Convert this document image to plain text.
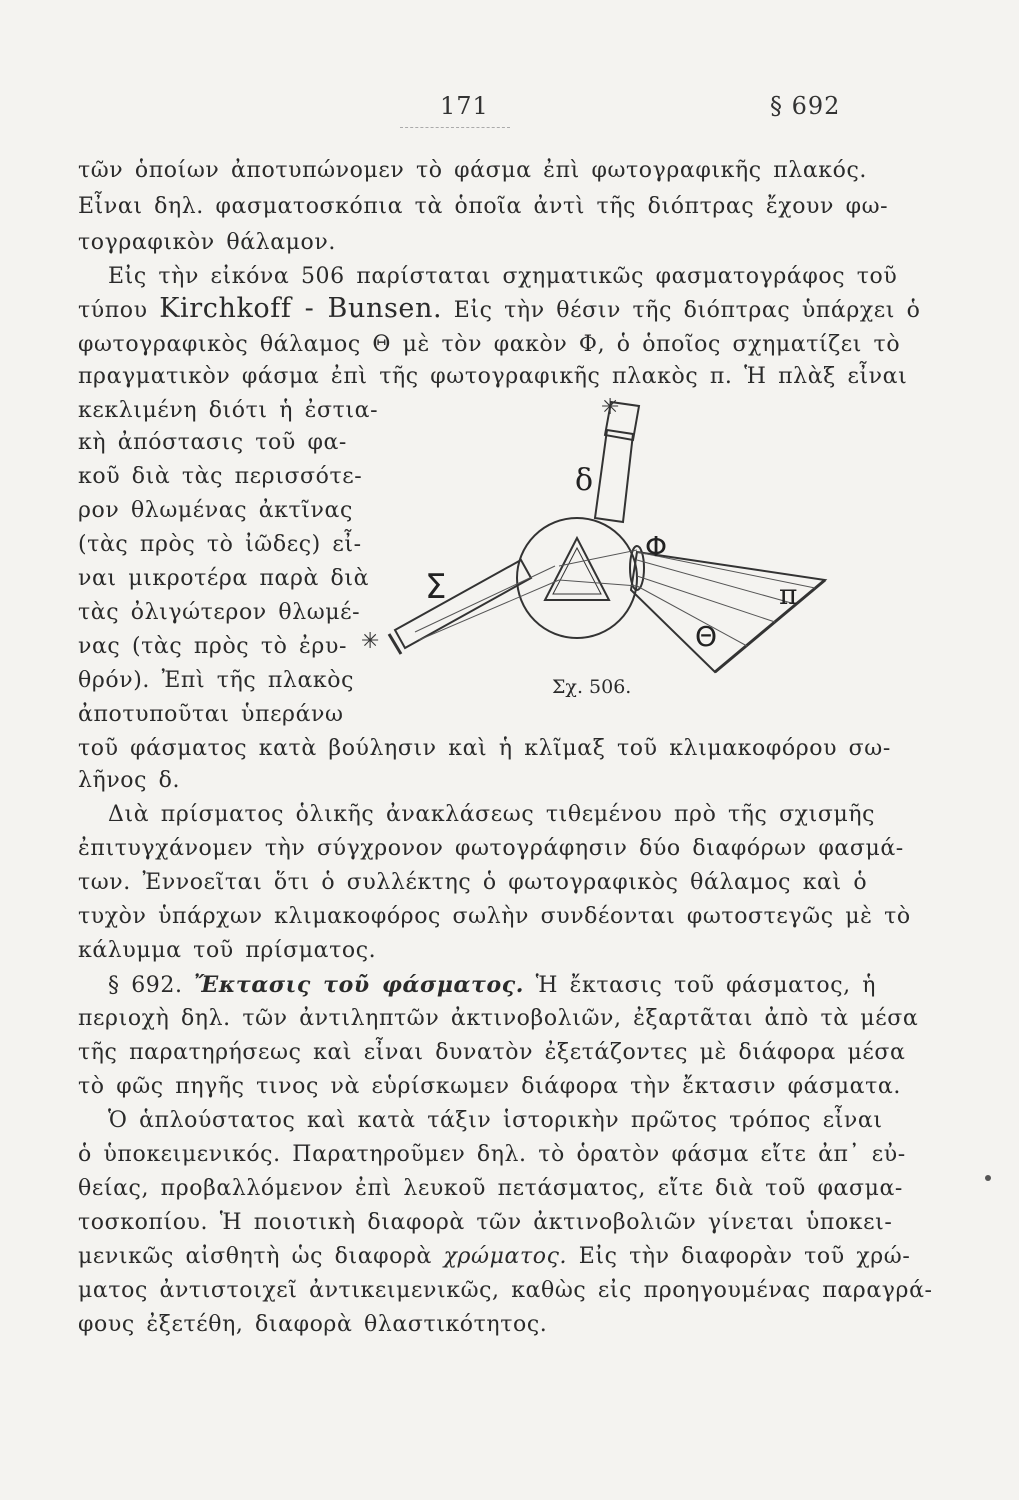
171	§ 692
τῶν ὁποίων ἀποτυπώνομεν τὸ φάσμα ἐπὶ φωτογραφικῆς πλακός.
Εἶναι δηλ. φασματοσκόπια τὰ ὁποῖα ἀντὶ τῆς διόπτρας ἔχουν φω-
τογραφικὸν θάλαμον.
Εἰς τὴν εἰκόνα 506 παρίσταται σχηματικῶς φασματογράφος τοῦ
τύπου Kirchkoff - Bunsen. Εἰς τὴν θέσιν τῆς διόπτρας ὑπάρχει ὁ
φωτογραφικὸς θάλαμος Θ μὲ τὸν φακὸν Φ, ὁ ὁποῖος σχηματίζει τὸ
πραγματικὸν φάσμα ἐπὶ τῆς φωτογραφικῆς πλακὸς π. Ἡ πλὰξ εἶναι
κεκλιμένη διότι ἡ ἐστια-
κὴ ἀπόστασις τοῦ φα-
κοῦ διὰ τὰς περισσότε-
ρον θλωμένας ἀκτῖνας
(τὰς πρὸς τὸ ἰῶδες) εἶ-
ναι μικροτέρα παρὰ διὰ
τὰς ὀλιγώτερον θλωμέ-
νας (τὰς πρὸς τὸ ἐρυ-
θρόν). Ἐπὶ τῆς πλακὸς
ἀποτυποῦται ὑπεράνω
✳
✳
Σ
δ
Φ
Θ
π
Σχ. 506.
τοῦ φάσματος κατὰ βούλησιν καὶ ἡ κλῖμαξ τοῦ κλιμακοφόρου σω-
λῆνος δ.
Διὰ πρίσματος ὁλικῆς ἀνακλάσεως τιθεμένου πρὸ τῆς σχισμῆς
ἐπιτυγχάνομεν τὴν σύγχρονον φωτογράφησιν δύο διαφόρων φασμά-
των. Ἐννοεῖται ὅτι ὁ συλλέκτης ὁ φωτογραφικὸς θάλαμος καὶ ὁ
τυχὸν ὑπάρχων κλιμακοφόρος σωλὴν συνδέονται φωτοστεγῶς μὲ τὸ
κάλυμμα τοῦ πρίσματος.
§ 692. Ἔκτασις τοῦ φάσματος. Ἡ ἔκτασις τοῦ φάσματος, ἡ
περιοχὴ δηλ. τῶν ἀντιληπτῶν ἀκτινοβολιῶν, ἐξαρτᾶται ἀπὸ τὰ μέσα
τῆς παρατηρήσεως καὶ εἶναι δυνατὸν ἐξετάζοντες μὲ διάφορα μέσα
τὸ φῶς πηγῆς τινος νὰ εὑρίσκωμεν διάφορα τὴν ἔκτασιν φάσματα.
Ὁ ἁπλούστατος καὶ κατὰ τάξιν ἱστορικὴν πρῶτος τρόπος εἶναι
ὁ ὑποκειμενικός. Παρατηροῦμεν δηλ. τὸ ὁρατὸν φάσμα εἴτε ἀπ᾽ εὐ-
θείας, προβαλλόμενον ἐπὶ λευκοῦ πετάσματος, εἴτε διὰ τοῦ φασμα-
τοσκοπίου. Ἡ ποιοτικὴ διαφορὰ τῶν ἀκτινοβολιῶν γίνεται ὑποκει-
μενικῶς αἰσθητὴ ὡς διαφορὰ χρώματος. Εἰς τὴν διαφορὰν τοῦ χρώ-
ματος ἀντιστοιχεῖ ἀντικειμενικῶς, καθὼς εἰς προηγουμένας παραγρά-
φους ἐξετέθη, διαφορὰ θλαστικότητος.
